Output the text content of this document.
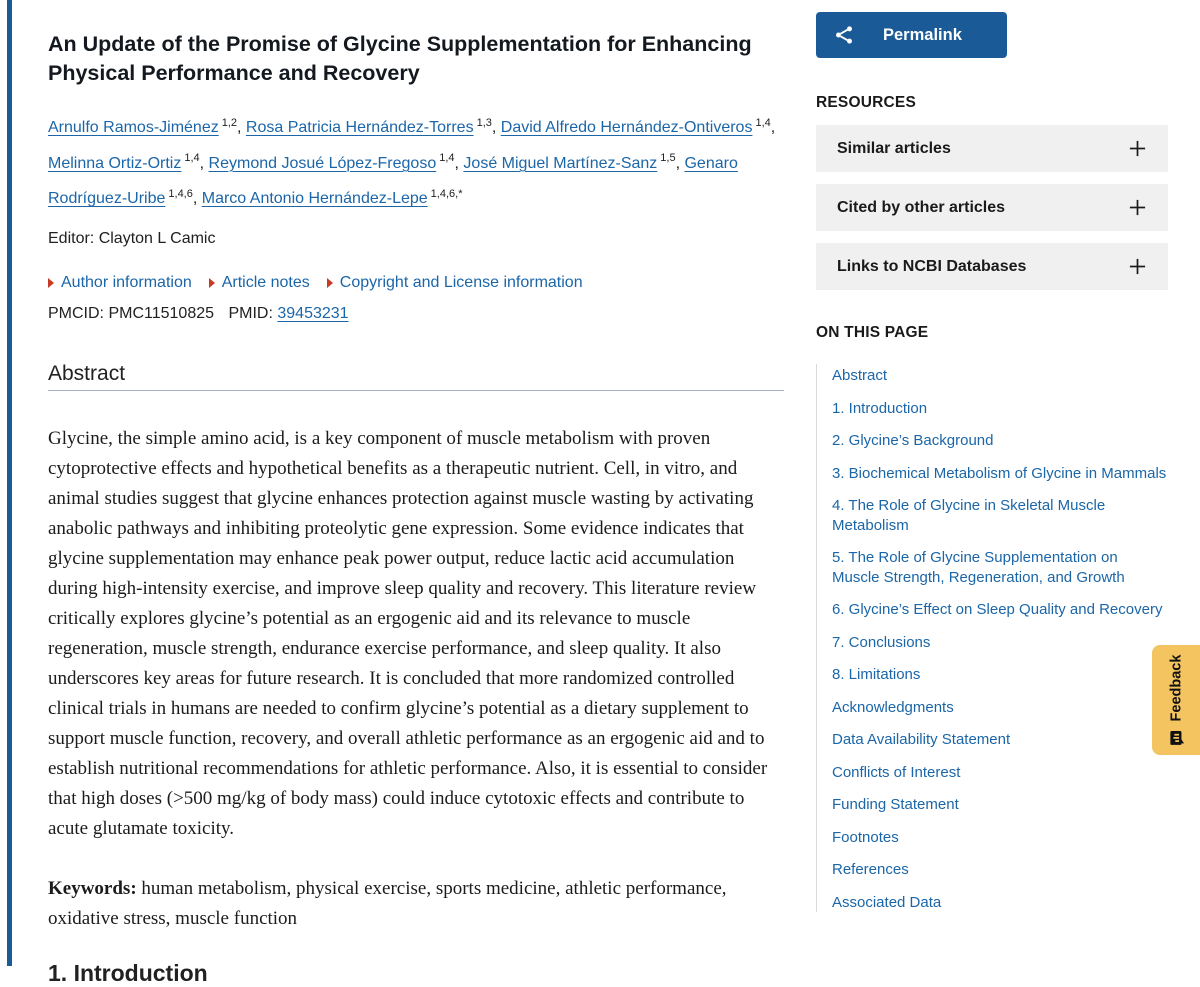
An Update of the Promise of Glycine Supplementation for Enhancing Physical Performance and Recovery

Arnulfo Ramos-Jiménez $^{1,2}$, Rosa Patricia Hernández-Torres $^{1,3}$, David Alfredo Hernández-Ontiveros $^{1,4}$, Melinna Ortiz-Ortiz $^{1,4}$, Reymond Josué López-Fregoso $^{1,4}$, José Miguel Martínez-Sanz $^{1,5}$, Genaro Rodríguez-Uribe $^{1,4,6}$, Marco Antonio Hernández-Lepe $^{1,4,6,*}$

Editor: Clayton L Camic

Author information Article notes Copyright and License information

PMCID: PMC11510825 PMID: 39453231

Abstract

Glycine, the simple amino acid, is a key component of muscle metabolism with proven cytoprotective effects and hypothetical benefits as a therapeutic nutrient. Cell, in vitro, and animal studies suggest that glycine enhances protection against muscle wasting by activating anabolic pathways and inhibiting proteolytic gene expression. Some evidence indicates that glycine supplementation may enhance peak power output, reduce lactic acid accumulation during high-intensity exercise, and improve sleep quality and recovery. This literature review critically explores glycine’s potential as an ergogenic aid and its relevance to muscle regeneration, muscle strength, endurance exercise performance, and sleep quality. It also underscores key areas for future research. It is concluded that more randomized controlled clinical trials in humans are needed to confirm glycine’s potential as a dietary supplement to support muscle function, recovery, and overall athletic performance as an ergogenic aid and to establish nutritional recommendations for athletic performance. Also, it is essential to consider that high doses (>500 mg/kg of body mass) could induce cytotoxic effects and contribute to acute glutamate toxicity.

Keywords: human metabolism, physical exercise, sports medicine, athletic performance, oxidative stress, muscle function

1. Introduction
Permalink
RESOURCES
Similar articles
Cited by other articles
Links to NCBI Databases
ON THIS PAGE
Abstract
1. Introduction
2. Glycine’s Background
3. Biochemical Metabolism of Glycine in Mammals
4. The Role of Glycine in Skeletal Muscle Metabolism
5. The Role of Glycine Supplementation on Muscle Strength, Regeneration, and Growth
6. Glycine’s Effect on Sleep Quality and Recovery
7. Conclusions
8. Limitations
Acknowledgments
Data Availability Statement
Conflicts of Interest
Funding Statement
Footnotes
References
Associated Data
Feedback
